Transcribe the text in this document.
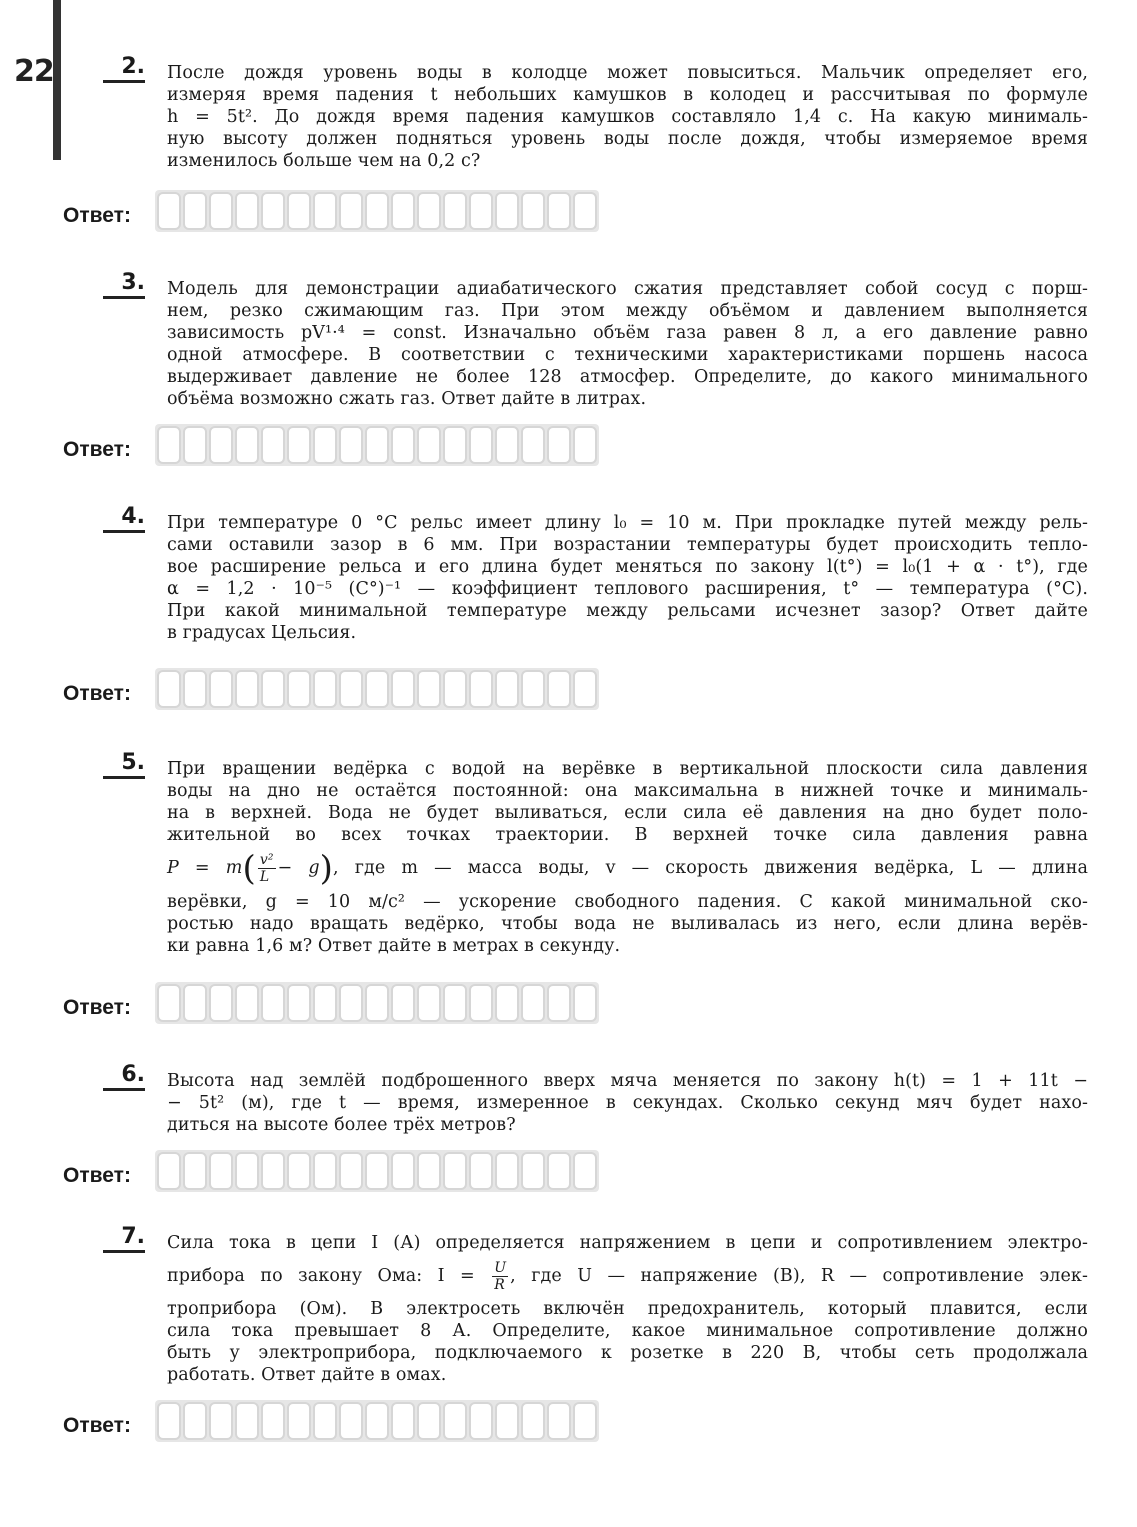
22	2. После дождя уровень воды в колодце может повыситься. Мальчик определяет его,
измеряя время падения t небольших камушков в колодец и рассчитывая по формуле
h = 5t². До дождя время падения камушков составляло 1,4 с. На какую минималь-
ную высоту должен подняться уровень воды после дождя, чтобы измеряемое время
изменилось больше чем на 0,2 с?
Ответ:
3. Модель для демонстрации адиабатического сжатия представляет собой сосуд с порш-
нем, резко сжимающим газ. При этом между объёмом и давлением выполняется
зависимость pV¹·⁴ = const. Изначально объём газа равен 8 л, а его давление равно
одной атмосфере. В соответствии с техническими характеристиками поршень насоса
выдерживает давление не более 128 атмосфер. Определите, до какого минимального
объёма возможно сжать газ. Ответ дайте в литрах.
Ответ:
4. При температуре 0 °C рельс имеет длину l₀ = 10 м. При прокладке путей между рель-
сами оставили зазор в 6 мм. При возрастании температуры будет происходить тепло-
вое расширение рельса и его длина будет меняться по закону l(t°) = l₀(1 + α · t°), где
α = 1,2 · 10⁻⁵ (C°)⁻¹ — коэффициент теплового расширения, t° — температура (°C).
При какой минимальной температуре между рельсами исчезнет зазор? Ответ дайте
в градусах Цельсия.
Ответ:
5. При вращении ведёрка с водой на верёвке в вертикальной плоскости сила давления
воды на дно не остаётся постоянной: она максимальна в нижней точке и минималь-
на в верхней. Вода не будет выливаться, если сила её давления на дно будет поло-
жительной во всех точках траектории. В верхней точке сила давления равна
$P = m( \frac{\text{v²}}{L} - g)$, где m — масса воды, v — скорость движения ведёрка, L — длина
верёвки, g = 10 м/с² — ускорение свободного падения. С какой минимальной ско-
ростью надо вращать ведёрко, чтобы вода не выливалась из него, если длина верёв-
ки равна 1,6 м? Ответ дайте в метрах в секунду.
Ответ:
6. Высота над землёй подброшенного вверх мяча меняется по закону h(t) = 1 + 11t −
− 5t² (м), где t — время, измеренное в секундах. Сколько секунд мяч будет нахо-
диться на высоте более трёх метров?
Ответ:
7. Сила тока в цепи I (А) определяется напряжением в цепи и сопротивлением электро-
прибора по закону Ома: $I = \frac{U}{R}$ , где U — напряжение (В), R — сопротивление элек-
троприбора (Ом). В электросеть включён предохранитель, который плавится, если
сила тока превышает 8 А. Определите, какое минимальное сопротивление должно
быть у электроприбора, подключаемого к розетке в 220 В, чтобы сеть продолжала
работать. Ответ дайте в омах.
Ответ:
